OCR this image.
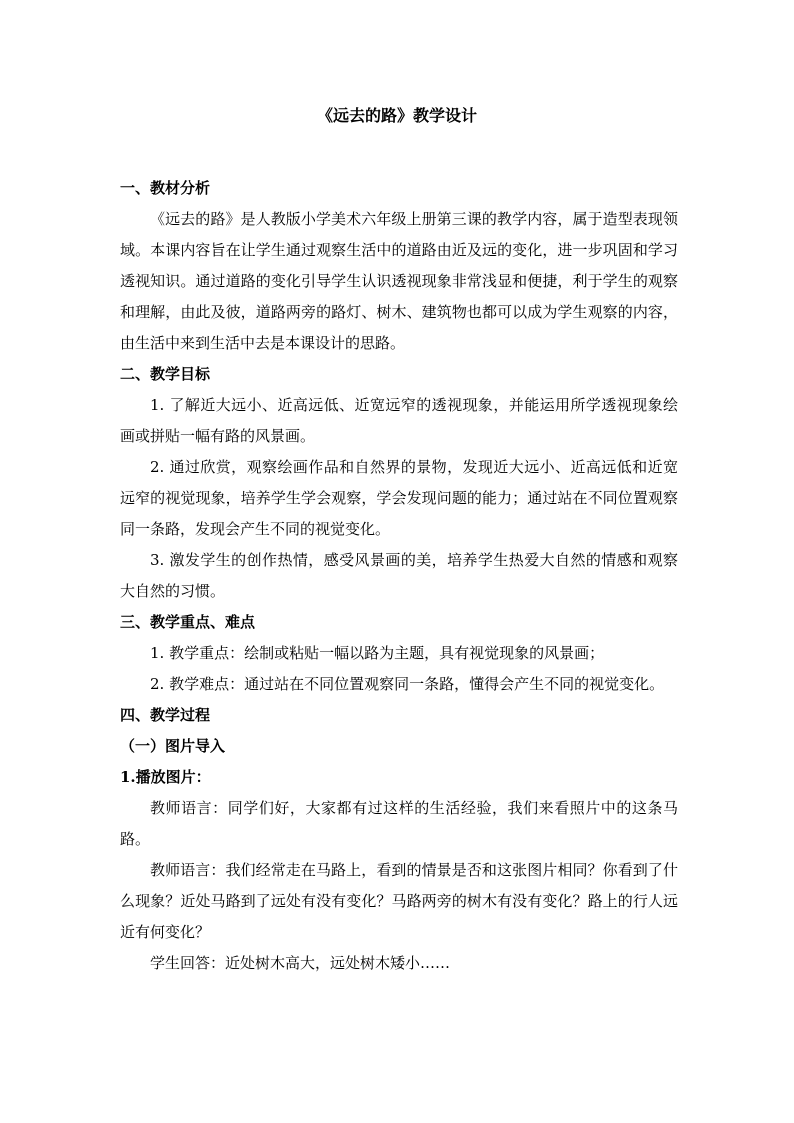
《远去的路》教学设计

一、教材分析

《远去的路》是人教版小学美术六年级上册第三课的教学内容，属于造型表现领域。本课内容旨在让学生通过观察生活中的道路由近及远的变化，进一步巩固和学习透视知识。通过道路的变化引导学生认识透视现象非常浅显和便捷，利于学生的观察和理解，由此及彼，道路两旁的路灯、树木、建筑物也都可以成为学生观察的内容，由生活中来到生活中去是本课设计的思路。

二、教学目标

1. 了解近大远小、近高远低、近宽远窄的透视现象，并能运用所学透视现象绘画或拼贴一幅有路的风景画。

2. 通过欣赏，观察绘画作品和自然界的景物，发现近大远小、近高远低和近宽远窄的视觉现象，培养学生学会观察，学会发现问题的能力；通过站在不同位置观察同一条路，发现会产生不同的视觉变化。

3. 激发学生的创作热情，感受风景画的美，培养学生热爱大自然的情感和观察大自然的习惯。

三、教学重点、难点

1. 教学重点：绘制或粘贴一幅以路为主题，具有视觉现象的风景画；

2. 教学难点：通过站在不同位置观察同一条路，懂得会产生不同的视觉变化。

四、教学过程

（一）图片导入

1.播放图片：

教师语言：同学们好，大家都有过这样的生活经验，我们来看照片中的这条马路。

教师语言：我们经常走在马路上，看到的情景是否和这张图片相同？你看到了什么现象？近处马路到了远处有没有变化？马路两旁的树木有没有变化？路上的行人远近有何变化？

学生回答：近处树木高大，远处树木矮小……
